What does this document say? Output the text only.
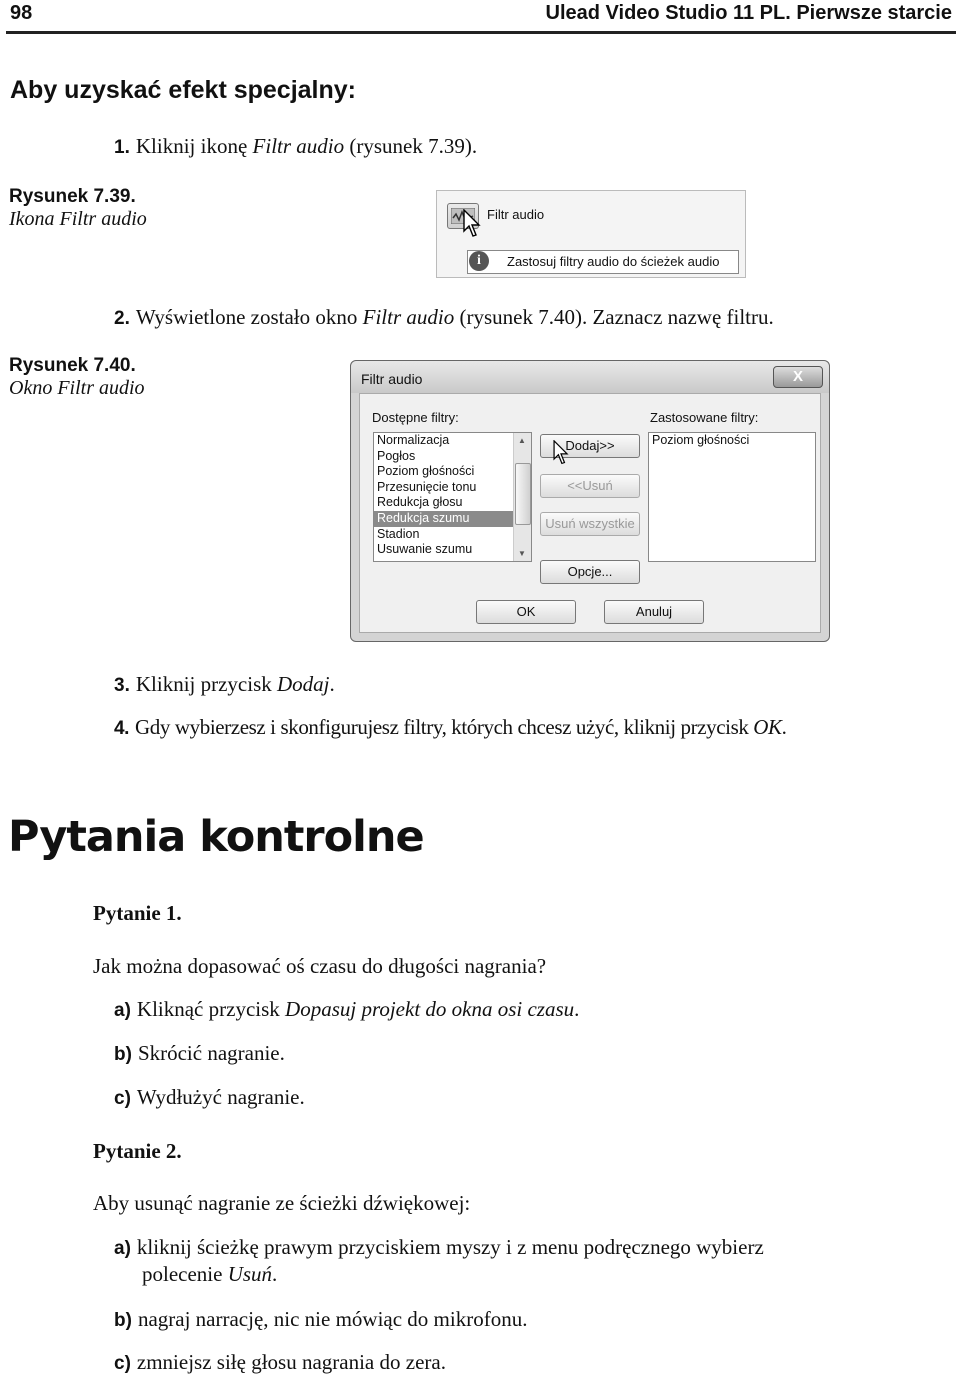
98	Ulead Video Studio 11 PL. Pierwsze starcie
Aby uzyskać efekt specjalny:
1. Kliknij ikonę Filtr audio (rysunek 7.39).
Rysunek 7.39.
Ikona Filtr audio	Filtr audio
i	Zastosuj filtry audio do ścieżek audio
2. Wyświetlone zostało okno Filtr audio (rysunek 7.40). Zaznacz nazwę filtru.
Rysunek 7.40.
Okno Filtr audio	Filtr audio	X
Dostępne filtry:	Zastosowane filtry:
Normalizacja
Pogłos
Poziom głośności
Przesunięcie tonu
Redukcja głosu
Redukcja szumu
Stadion
Usuwanie szumu
▲
▼
Poziom głośności
Dodaj>>
<<Usuń
Usuń wszystkie
Opcje...
OK	Anuluj
3. Kliknij przycisk Dodaj.
4. Gdy wybierzesz i skonfigurujesz filtry, których chcesz użyć, kliknij przycisk OK.
Pytania kontrolne
Pytanie 1.
Jak można dopasować oś czasu do długości nagrania?
a) Kliknąć przycisk Dopasuj projekt do okna osi czasu.
b) Skrócić nagranie.
c) Wydłużyć nagranie.
Pytanie 2.
Aby usunąć nagranie ze ścieżki dźwiękowej:
a) kliknij ścieżkę prawym przyciskiem myszy i z menu podręcznego wybierz
polecenie Usuń.
b) nagraj narrację, nic nie mówiąc do mikrofonu.
c) zmniejsz siłę głosu nagrania do zera.
